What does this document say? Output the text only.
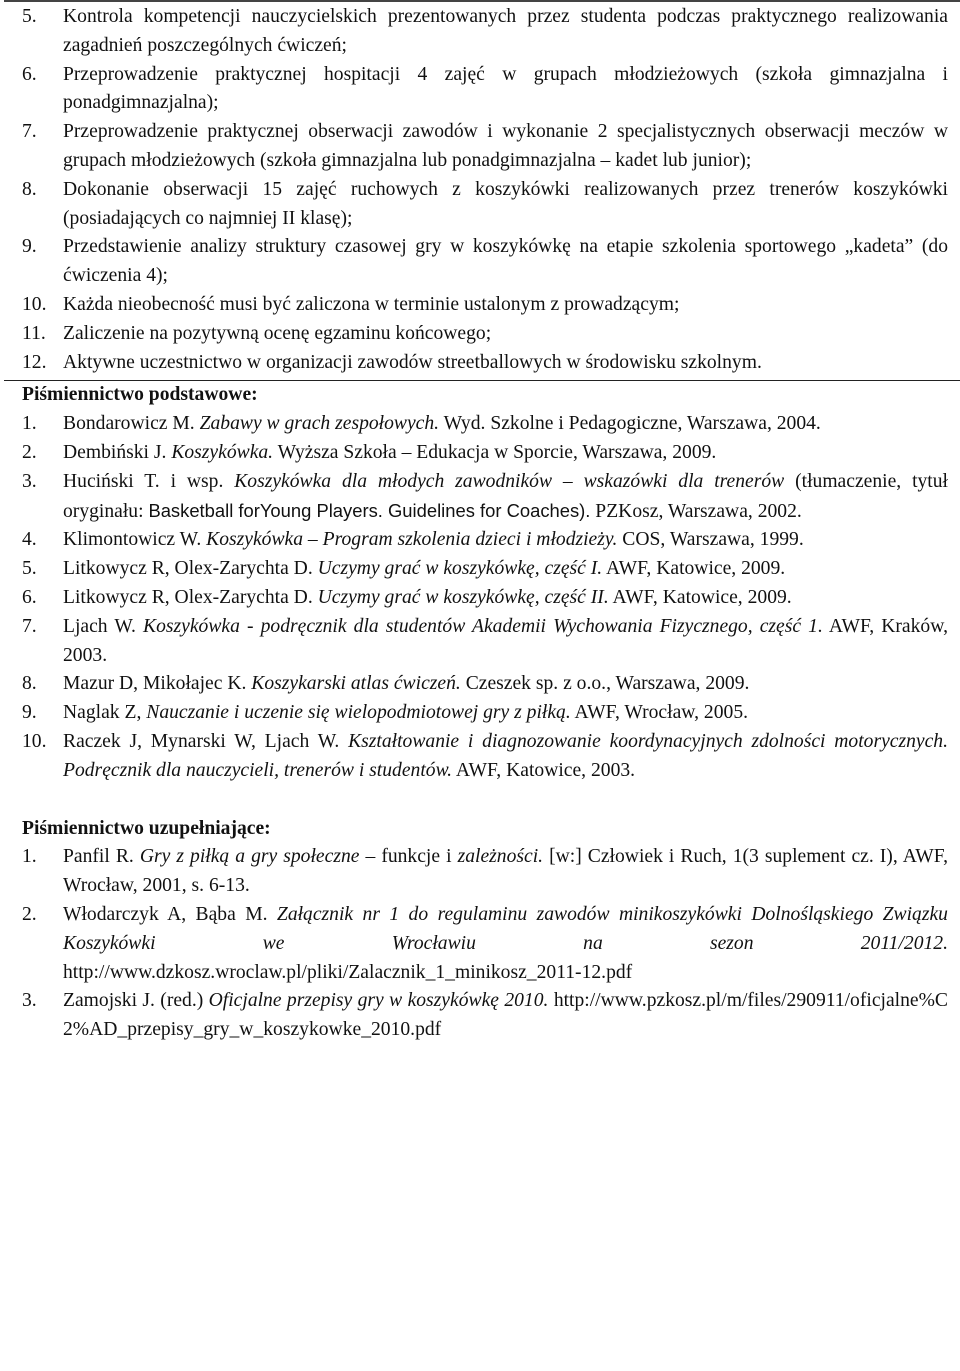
5.	Kontrola kompetencji nauczycielskich prezentowanych przez studenta podczas praktycznego realizowania zagadnień poszczególnych ćwiczeń;
6.	Przeprowadzenie praktycznej hospitacji 4 zajęć w grupach młodzieżowych (szkoła gimnazjalna i ponadgimnazjalna);
7.	Przeprowadzenie praktycznej obserwacji zawodów i wykonanie 2 specjalistycznych obserwacji meczów w grupach młodzieżowych (szkoła gimnazjalna lub ponadgimnazjalna – kadet lub junior);
8.	Dokonanie obserwacji 15 zajęć ruchowych z koszykówki realizowanych przez trenerów koszykówki (posiadających co najmniej II klasę);
9.	Przedstawienie analizy struktury czasowej gry w koszykówkę na etapie szkolenia sportowego „kadeta” (do ćwiczenia 4);
10. Każda nieobecność musi być zaliczona w terminie ustalonym z prowadzącym;
11. Zaliczenie na pozytywną ocenę egzaminu końcowego;
12. Aktywne uczestnictwo w organizacji zawodów streetballowych w środowisku szkolnym.
Piśmiennictwo podstawowe:
1.	Bondarowicz M. Zabawy w grach zespołowych. Wyd. Szkolne i Pedagogiczne, Warszawa, 2004.
2.	Dembiński J. Koszykówka. Wyższa Szkoła – Edukacja w Sporcie, Warszawa, 2009.
3.	Huciński T. i wsp. Koszykówka dla młodych zawodników – wskazówki dla trenerów (tłumaczenie, tytuł oryginału: Basketball forYoung Players. Guidelines for Coaches). PZKosz, Warszawa, 2002.
4.	Klimontowicz W. Koszykówka – Program szkolenia dzieci i młodzieży. COS, Warszawa, 1999.
5.	Litkowycz R, Olex-Zarychta D. Uczymy grać w koszykówkę, część I. AWF, Katowice, 2009.
6.	Litkowycz R, Olex-Zarychta D. Uczymy grać w koszykówkę, część II. AWF, Katowice, 2009.
7.	Ljach W. Koszykówka - podręcznik dla studentów Akademii Wychowania Fizycznego, część 1. AWF, Kraków, 2003.
8.	Mazur D, Mikołajec K. Koszykarski atlas ćwiczeń. Czeszek sp. z o.o., Warszawa, 2009.
9.	Naglak Z, Nauczanie i uczenie się wielopodmiotowej gry z piłką. AWF, Wrocław, 2005.
10. Raczek J, Mynarski W, Ljach W. Kształtowanie i diagnozowanie koordynacyjnych zdolności motorycznych. Podręcznik dla nauczycieli, trenerów i studentów. AWF, Katowice, 2003.
Piśmiennictwo uzupełniające:
1.	Panfil R. Gry z piłką a gry społeczne – funkcje i zależności. [w:] Człowiek i Ruch, 1(3 suplement cz. I), AWF, Wrocław, 2001, s. 6-13.
2.	Włodarczyk A, Bąba M. Załącznik nr 1 do regulaminu zawodów minikoszykówki Dolnośląskiego Związku Koszykówki we Wrocławiu na sezon 2011/2012. http://www.dzkosz.wroclaw.pl/pliki/Zalacznik_1_minikosz_2011-12.pdf
3.	Zamojski J. (red.) Oficjalne przepisy gry w koszykówkę 2010. http://www.pzkosz.pl/m/files/290911/oficjalne%C2%AD_przepisy_gry_w_koszykowke_2010.pdf
